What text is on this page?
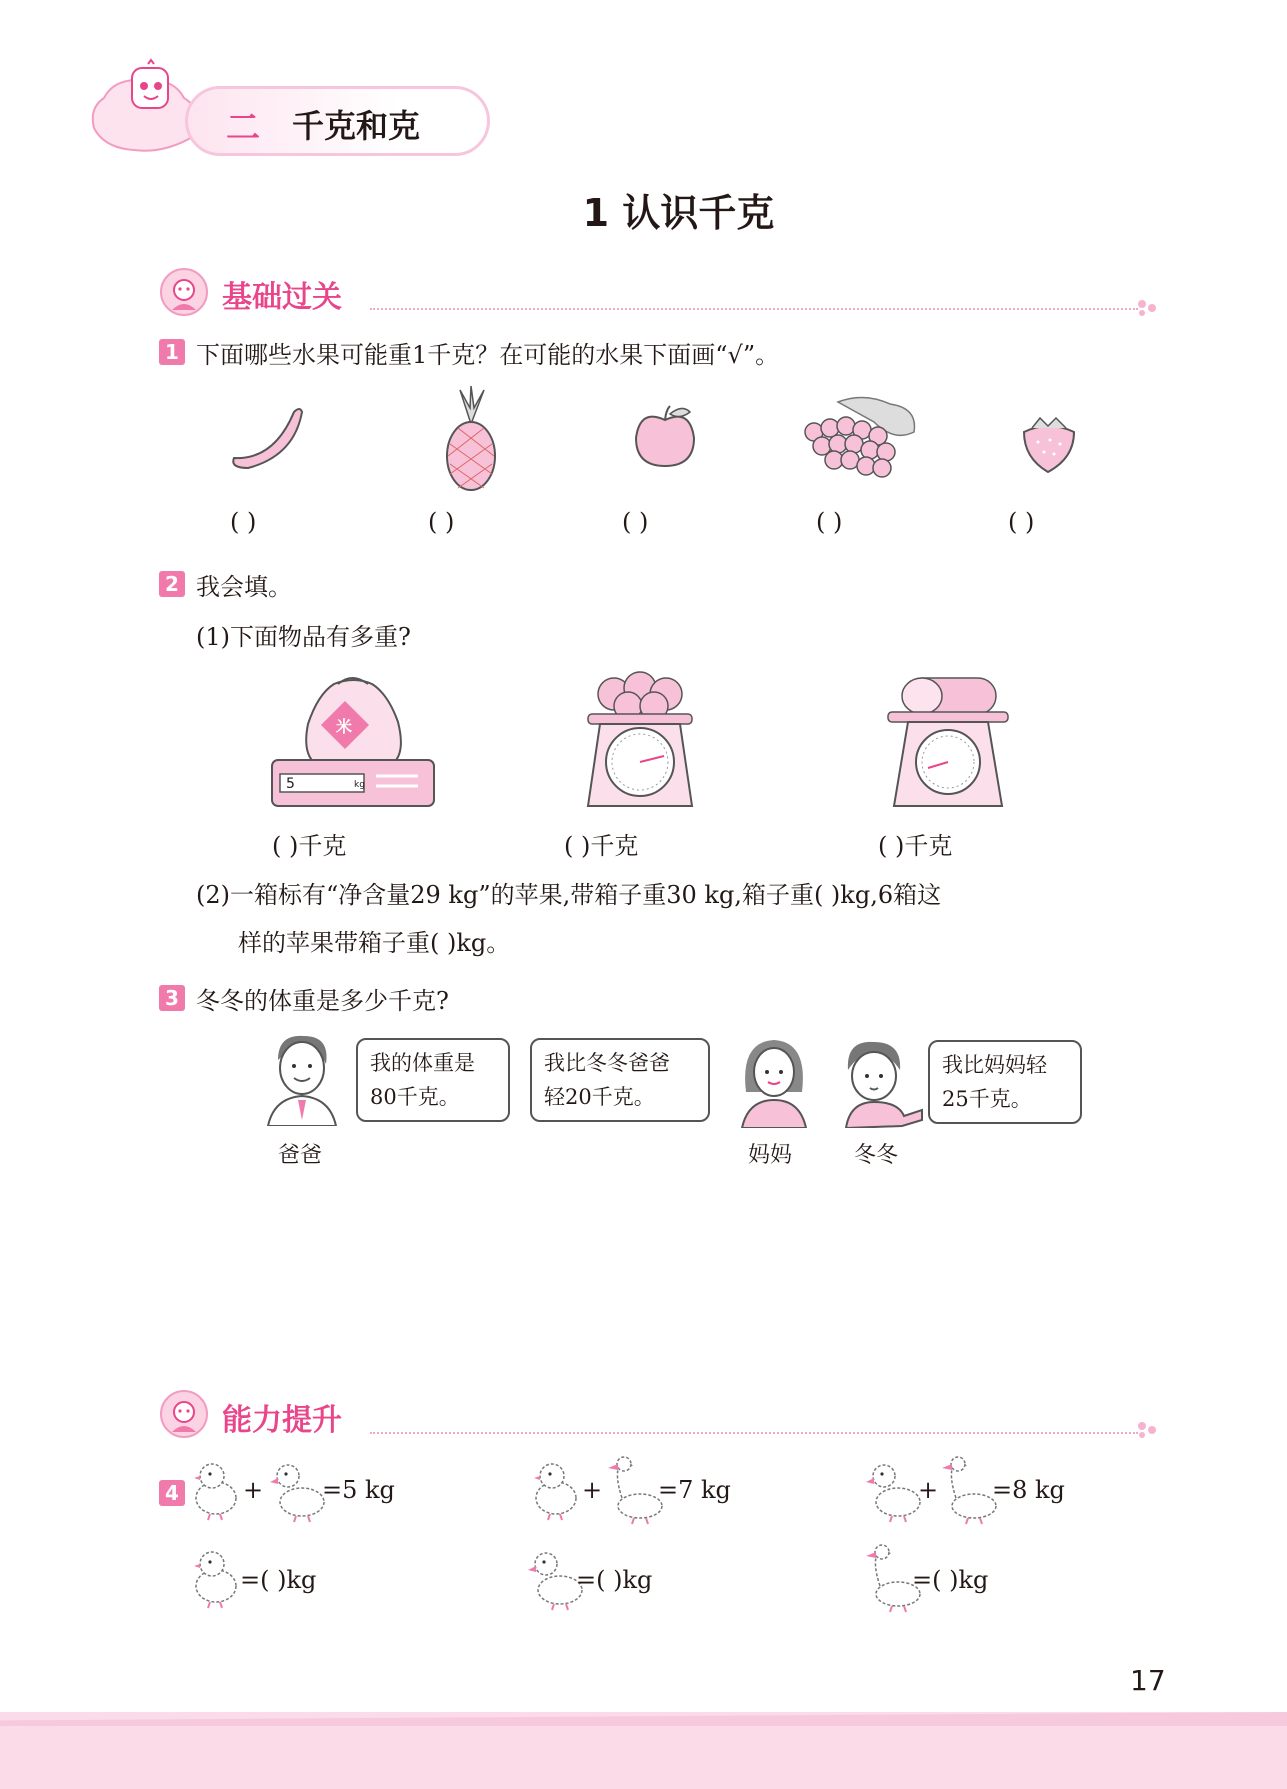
二 千克和克
1 认识千克
基础过关
1 下面哪些水果可能重1千克？在可能的水果下面画“√”。
( )	( )	( )	( )	( )
2 我会填。
(1)下面物品有多重?
5	kg
米
( )千克	( )千克	( )千克
(2)一箱标有“净含量29 kg”的苹果,带箱子重30 kg,箱子重( )kg,6箱这
样的苹果带箱子重( )kg。
3 冬冬的体重是多少千克?
我的体重是
80千克。
我比冬冬爸爸
轻20千克。
我比妈妈轻
25千克。
爸爸	妈妈	冬冬
能力提升
4	+ =5 kg	+ =7 kg	+ =8 kg
=( )kg	=( )kg	=( )kg
17
